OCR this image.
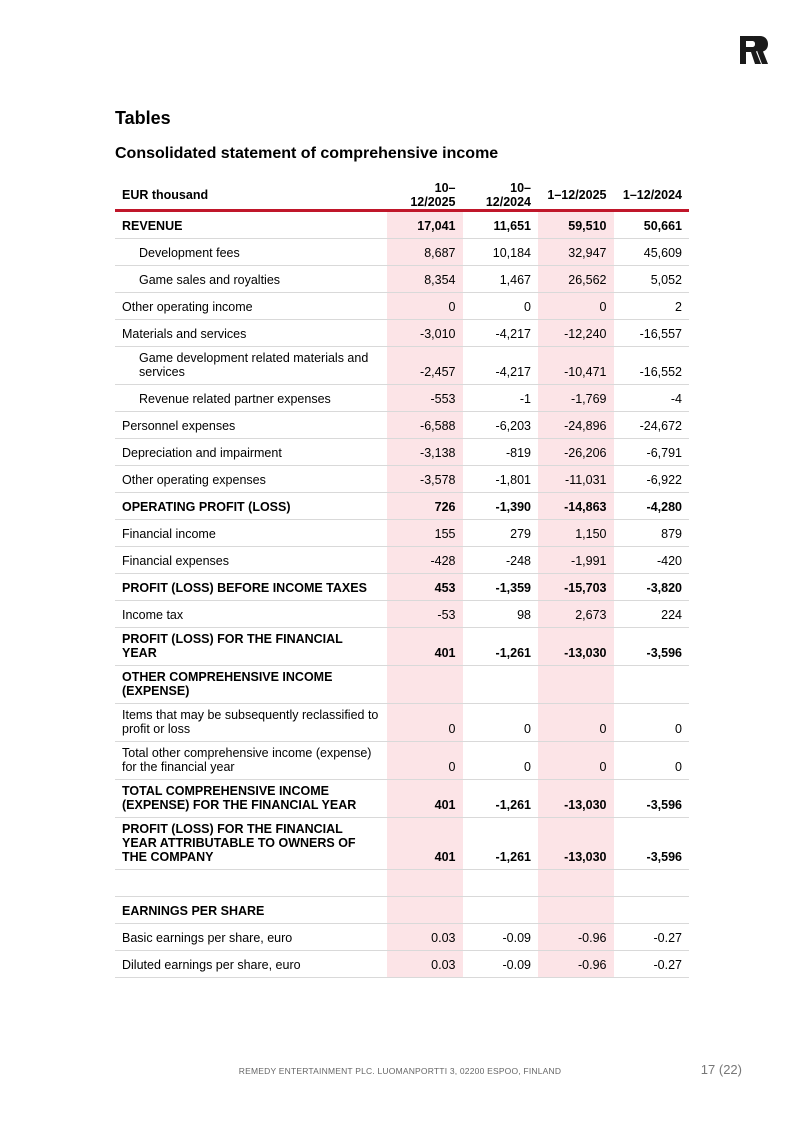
Tables
Consolidated statement of comprehensive income
EUR thousand	10–12/2025	10–12/2024	1–12/2025	1–12/2024
REVENUE	17,041	11,651	59,510	50,661
Development fees	8,687	10,184	32,947	45,609
Game sales and royalties	8,354	1,467	26,562	5,052
Other operating income	0	0	0	2
Materials and services	-3,010	-4,217	-12,240	-16,557
Game development related materials and services	-2,457	-4,217	-10,471	-16,552
Revenue related partner expenses	-553	-1	-1,769	-4
Personnel expenses	-6,588	-6,203	-24,896	-24,672
Depreciation and impairment	-3,138	-819	-26,206	-6,791
Other operating expenses	-3,578	-1,801	-11,031	-6,922
OPERATING PROFIT (LOSS)	726	-1,390	-14,863	-4,280
Financial income	155	279	1,150	879
Financial expenses	-428	-248	-1,991	-420
PROFIT (LOSS) BEFORE INCOME TAXES	453	-1,359	-15,703	-3,820
Income tax	-53	98	2,673	224
PROFIT (LOSS) FOR THE FINANCIAL YEAR	401	-1,261	-13,030	-3,596
OTHER COMPREHENSIVE INCOME (EXPENSE)				
Items that may be subsequently reclassified to profit or loss	0	0	0	0
Total other comprehensive income (expense) for the financial year	0	0	0	0
TOTAL COMPREHENSIVE INCOME (EXPENSE) FOR THE FINANCIAL YEAR	401	-1,261	-13,030	-3,596
PROFIT (LOSS) FOR THE FINANCIAL YEAR ATTRIBUTABLE TO OWNERS OF THE COMPANY	401	-1,261	-13,030	-3,596

EARNINGS PER SHARE				
Basic earnings per share, euro	0.03	-0.09	-0.96	-0.27
Diluted earnings per share, euro	0.03	-0.09	-0.96	-0.27
REMEDY ENTERTAINMENT PLC. LUOMANPORTTI 3, 02200 ESPOO, FINLAND	17 (22)
